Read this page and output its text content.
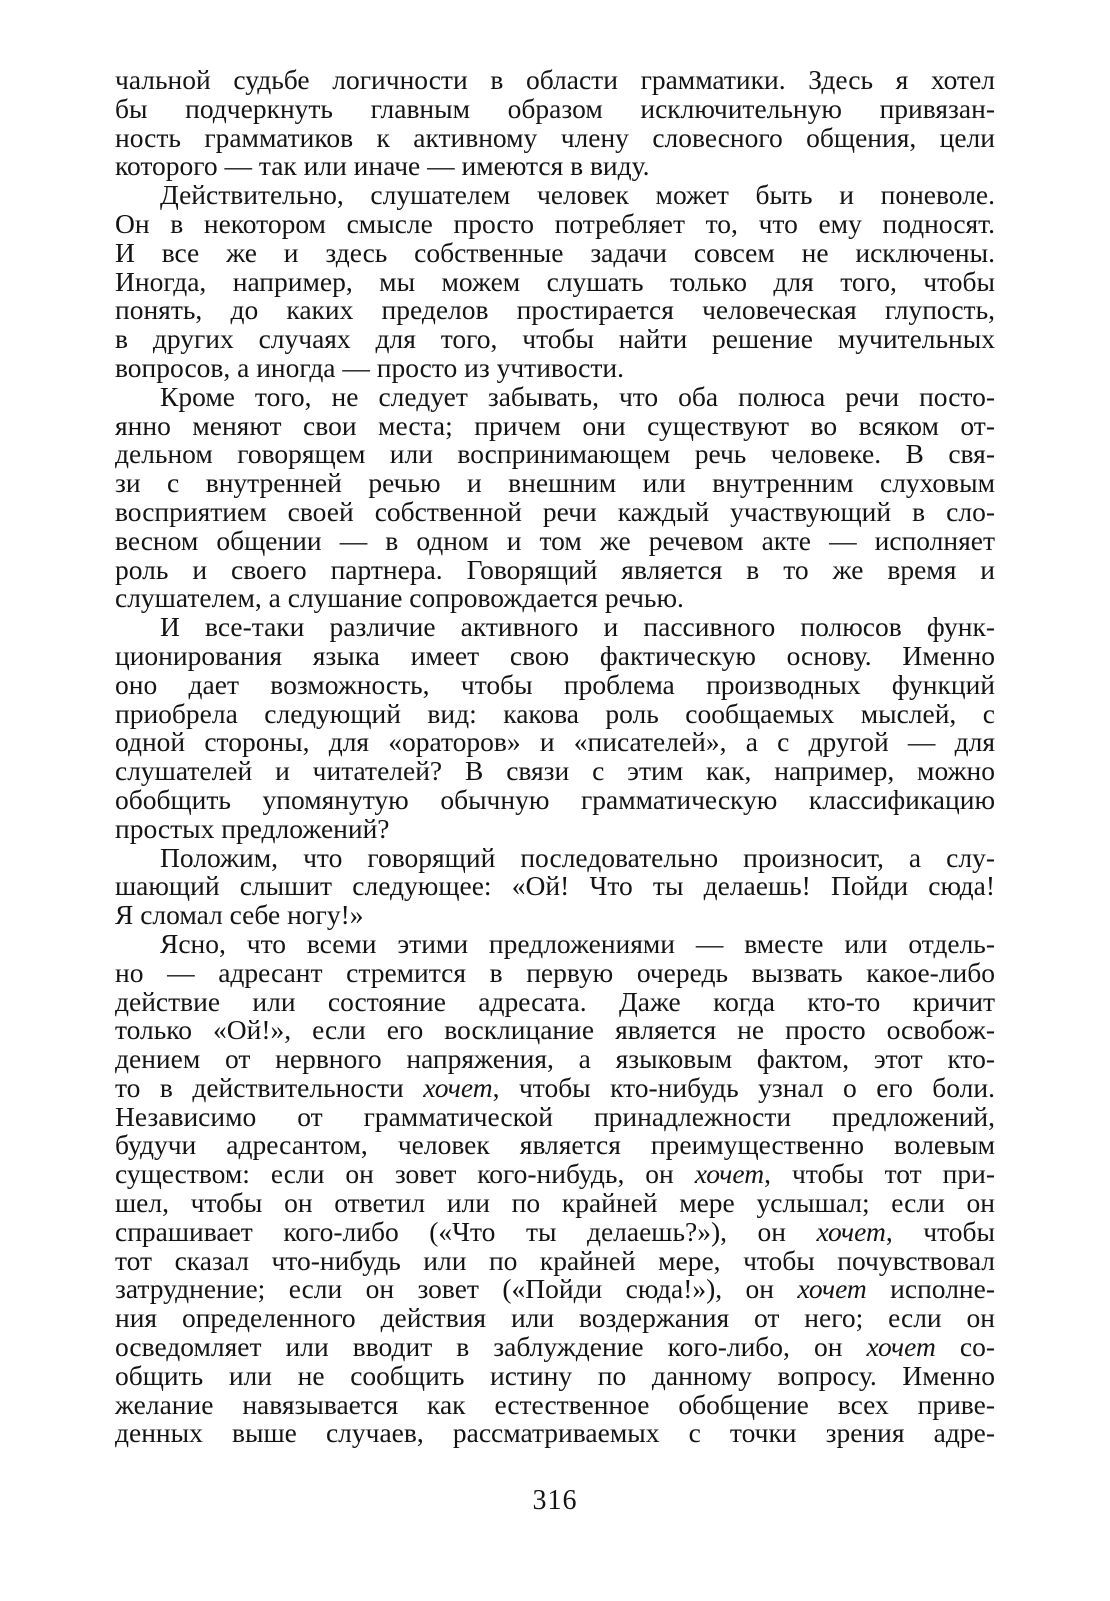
чальной судьбе логичности в области грамматики. Здесь я хотел
бы подчеркнуть главным образом исключительную привязан-
ность грамматиков к активному члену словесного общения, цели
которого — так или иначе — имеются в виду.
Действительно, слушателем человек может быть и поневоле.
Он в некотором смысле просто потребляет то, что ему подносят.
И все же и здесь собственные задачи совсем не исключены.
Иногда, например, мы можем слушать только для того, чтобы
понять, до каких пределов простирается человеческая глупость,
в других случаях для того, чтобы найти решение мучительных
вопросов, а иногда — просто из учтивости.
Кроме того, не следует забывать, что оба полюса речи посто-
янно меняют свои места; причем они существуют во всяком от-
дельном говорящем или воспринимающем речь человеке. В свя-
зи с внутренней речью и внешним или внутренним слуховым
восприятием своей собственной речи каждый участвующий в сло-
весном общении — в одном и том же речевом акте — исполняет
роль и своего партнера. Говорящий является в то же время и
слушателем, а слушание сопровождается речью.
И все-таки различие активного и пассивного полюсов функ-
ционирования языка имеет свою фактическую основу. Именно
оно дает возможность, чтобы проблема производных функций
приобрела следующий вид: какова роль сообщаемых мыслей, с
одной стороны, для «ораторов» и «писателей», а с другой — для
слушателей и читателей? В связи с этим как, например, можно
обобщить упомянутую обычную грамматическую классификацию
простых предложений?
Положим, что говорящий последовательно произносит, а слу-
шающий слышит следующее: «Ой! Что ты делаешь! Пойди сюда!
Я сломал себе ногу!»
Ясно, что всеми этими предложениями — вместе или отдель-
но — адресант стремится в первую очередь вызвать какое-либо
действие или состояние адресата. Даже когда кто-то кричит
только «Ой!», если его восклицание является не просто освобож-
дением от нервного напряжения, а языковым фактом, этот кто-
то в действительности хочет, чтобы кто-нибудь узнал о его боли.
Независимо от грамматической принадлежности предложений,
будучи адресантом, человек является преимущественно волевым
существом: если он зовет кого-нибудь, он хочет, чтобы тот при-
шел, чтобы он ответил или по крайней мере услышал; если он
спрашивает кого-либо («Что ты делаешь?»), он хочет, чтобы
тот сказал что-нибудь или по крайней мере, чтобы почувствовал
затруднение; если он зовет («Пойди сюда!»), он хочет исполне-
ния определенного действия или воздержания от него; если он
осведомляет или вводит в заблуждение кого-либо, он хочет со-
общить или не сообщить истину по данному вопросу. Именно
желание навязывается как естественное обобщение всех приве-
денных выше случаев, рассматриваемых с точки зрения адре-
316
